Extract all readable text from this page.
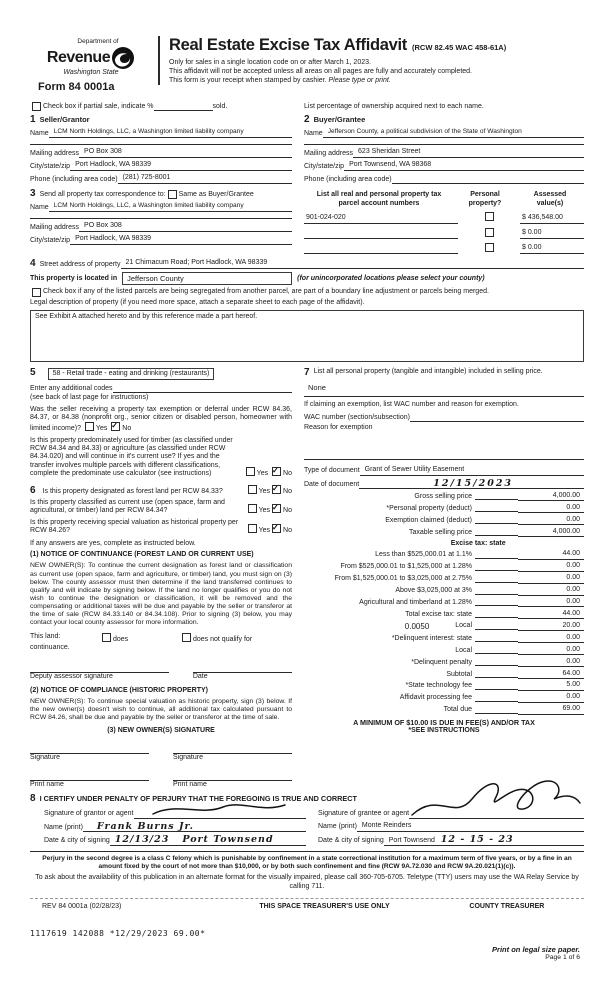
Department of
Revenue
Washington State
Form 84 0001a
Real Estate Excise Tax Affidavit (RCW 82.45 WAC 458-61A)
Only for sales in a single location code on or after March 1, 2023.
This affidavit will not be accepted unless all areas on all pages are fully and accurately completed.
This form is your receipt when stamped by cashier. Please type or print.
Check box if partial sale, indicate %	sold.	List percentage of ownership acquired next to each name.
1 Seller/Grantor
Name LCM North Holdings, LLC, a Washington limited liability company
Mailing address PO Box 308
City/state/zip Port Hadlock, WA 98339
Phone (including area code) (281) 725-8001
2 Buyer/Grantee
Name Jefferson County, a political subdivision of the State of Washington
Mailing address 623 Sheridan Street
City/state/zip Port Townsend, WA 98368
Phone (including area code)
3 Send all property tax correspondence to: Same as Buyer/Grantee
Name LCM North Holdings, LLC, a Washington limited liability company
Mailing address PO Box 308
City/state/zip Port Hadlock, WA 98339
List all real and personal property tax
parcel account numbers
Personal
property?
Assessed
value(s)
901-024-020	$ 436,548.00
$ 0.00
$ 0.00
4 Street address of property 21 Chimacum Road; Port Hadlock, WA 98339
This property is located in	Jefferson County	(for unincorporated locations please select your county)
Check box if any of the listed parcels are being segregated from another parcel, are part of a boundary line adjustment or parcels being merged.
Legal description of property (if you need more space, attach a separate sheet to each page of the affidavit).
See Exhibit A attached hereto and by this reference made a part hereof.
5	58 - Retail trade - eating and drinking (restaurants)
Enter any additional codes
(see back of last page for instructions)
Was the seller receiving a property tax exemption or deferral under RCW 84.36, 84.37, or 84.38 (nonprofit org., senior citizen or disabled person, homeowner with limited income)? Yes ✓ No
Is this property predominately used for timber (as classified under RCW 84.34 and 84.33) or agriculture (as classified under RCW 84.34.020) and will continue in it's current use? If yes and the transfer involves multiple parcels with different classifications, complete the predominate use calculator (see instructions)	Yes ✓ No
6 Is this property designated as forest land per RCW 84.33?	Yes ✓ No
Is this property classified as current use (open space, farm and agricultural, or timber) land per RCW 84.34?	Yes ✓ No
Is this property receiving special valuation as historical property per RCW 84.26?	Yes ✓ No
If any answers are yes, complete as instructed below.
(1) NOTICE OF CONTINUANCE (FOREST LAND OR CURRENT USE)
NEW OWNER(S): To continue the current designation as forest land or classification as current use (open space, farm and agriculture, or timber) land, you must sign on (3) below. The county assessor must then determine if the land transferred continues to qualify and will indicate by signing below. If the land no longer qualifies or you do not wish to continue the designation or classification, it will be removed and the compensating or additional taxes will be due and payable by the seller or transferor at the time of sale (RCW 84.33.140 or 84.34.108). Prior to signing (3) below, you may contact your local county assessor for more information.
This land:	does	does not qualify for
continuance.
Deputy assessor signature	Date
(2) NOTICE OF COMPLIANCE (HISTORIC PROPERTY)
NEW OWNER(S): To continue special valuation as historic property, sign (3) below. If the new owner(s) doesn't wish to continue, all additional tax calculated pursuant to RCW 84.26, shall be due and payable by the seller or transferor at the time of sale.
(3) NEW OWNER(S) SIGNATURE
Signature	Signature
Print name	Print name
7 List all personal property (tangible and intangible) included in selling price.
None
If claiming an exemption, list WAC number and reason for exemption.
WAC number (section/subsection)
Reason for exemption
Type of document Grant of Sewer Utility Easement
Date of document	12/15/2023
Gross selling price	4,000.00
*Personal property (deduct)	0.00
Exemption claimed (deduct)	0.00
Taxable selling price	4,000.00
Excise tax: state
Less than $525,000.01 at 1.1%	44.00
From $525,000.01 to $1,525,000 at 1.28%	0.00
From $1,525,000.01 to $3,025,000 at 2.75%	0.00
Above $3,025,000 at 3%	0.00
Agricultural and timberland at 1.28%	0.00
Total excise tax: state	44.00
0.0050	Local	20.00
*Delinquent interest: state	0.00
Local	0.00
*Delinquent penalty	0.00
Subtotal	64.00
*State technology fee	5.00
Affidavit processing fee	0.00
Total due	69.00
A MINIMUM OF $10.00 IS DUE IN FEE(S) AND/OR TAX
*SEE INSTRUCTIONS
8 I CERTIFY UNDER PENALTY OF PERJURY THAT THE FOREGOING IS TRUE AND CORRECT
Signature of grantor or agent
Name (print)	Frank Burns Jr.
Date & city of signing 12/13/23 Port Townsend
Signature of grantee or agent
Name (print) Monte Reinders
Date & city of signing Port Townsend 12 - 15 - 23
Perjury in the second degree is a class C felony which is punishable by confinement in a state correctional institution for a maximum term of five years, or by a fine in an amount fixed by the court of not more than $10,000, or by both such confinement and fine (RCW 9A.72.030 and RCW 9A.20.021(1)(c)).
To ask about the availability of this publication in an alternate format for the visually impaired, please call 360-705-6705. Teletype (TTY) users may use the WA Relay Service by calling 711.
REV 84 0001a (02/28/23)	THIS SPACE TREASURER'S USE ONLY	COUNTY TREASURER
1117619 142088 *12/29/2023 69.00*
Print on legal size paper.
Page 1 of 6
